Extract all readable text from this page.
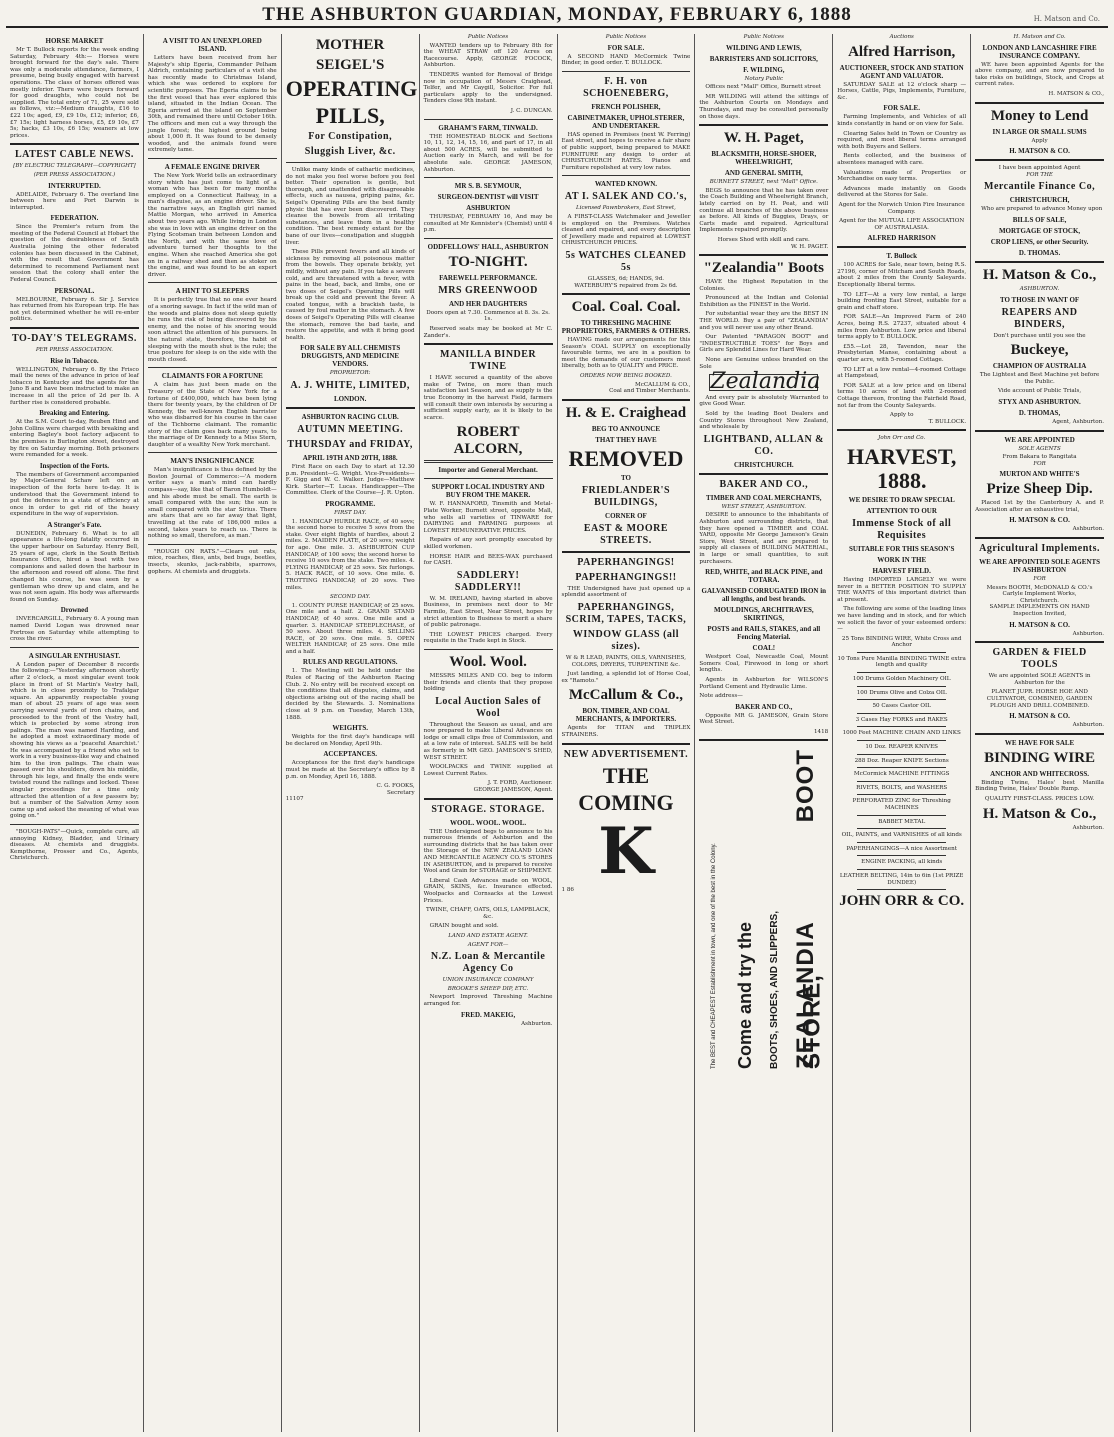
THE ASHBURTON GUARDIAN, MONDAY, FEBRUARY 6, 1888	H. Matson and Co.
HORSE MARKET

Mr T. Bullock reports for the week ending Saturday, February 4th:— Horses were brought forward for the day's sale. There was only a moderate attendance, farmers, I presume, being busily engaged with harvest operations. The class of horses offered was mostly inferior. There were buyers forward for good draughts, who could not be supplied. The total entry of 71, 25 were sold as follows, viz:—Medium draughts, £16 to £22 10s; aged, £9, £9 10s, £12; inferior, £6, £7 15s; light harness horses, £5, £9 10s, £7 5s; hacks, £3 10s, £6 15s; weaners at low prices.

LATEST CABLE NEWS.
[BY ELECTRIC TELEGRAPH—COPYRIGHT]
(PER PRESS ASSOCIATION.)
INTERRUPTED.

ADELAIDE, February 6. The overland line between here and Port Darwin is interrupted.

FEDERATION.

Since the Premier's return from the meeting of the Federal Council at Hobart the question of the desirableness of South Australia joining the other federated colonies has been discussed in the Cabinet, with the result that Government has determined to recommend Parliament next session that the colony shall enter the Federal Council.

PERSONAL.

MELBOURNE, February 6. Sir J. Service has returned from his European trip. He has not yet determined whether he will re-enter politics.

TO-DAY'S TELEGRAMS.
PER PRESS ASSOCIATION.
Rise in Tobacco.

WELLINGTON, February 6. By the Frisco mail the news of the advance in price of leaf tobacco in Kentucky and the agents for the Juno B and have been instructed to make an increase in all the price of 2d per lb. A further rise is considered probable.

Breaking and Entering.

At the S.M. Court to-day, Reuben Hind and John Collins were charged with breaking and entering Bagley's boot factory adjacent to the premises in Burlington street, destroyed by fire on Saturday morning. Both prisoners were remanded for a week.

Inspection of the Forts.

The members of Government accompanied by Major-General Schaw left on an inspection of the forts here to-day. It is understood that the Government intend to put the defences in a state of efficiency at once in order to get rid of the heavy expenditure in the way of supervision.

A Stranger's Fate.

DUNEDIN, February 6. What is to all appearance a life-long fatality occurred in the upper harbour on Saturday. Henry Bell, 25 years of age, clerk in the South British Insurance Office, hired a boat with two companions and sailed down the harbour in the afternoon and rowed off alone. The first changed his course, he was seen by a gentleman who drew up and claim, and he was not seen again. His body was afterwards found on Sunday.

Drowned

INVERCARGILL, February 6. A young man named David Logan was drowned near Fortrose on Saturday while attempting to cross the river.

A SINGULAR ENTHUSIAST.

A London paper of December 8 records the following:—"Yesterday afternoon shortly after 2 o'clock, a most singular event took place in front of St Martin's Vestry hall, which is in close proximity to Trafalgar square. An apparently respectable young man of about 25 years of age was seen carrying several yards of iron chains, and proceeded to the front of the Vestry hall, which is protected by some strong iron palings. The man was named Harding, and he adopted a most extraordinary mode of showing his views as a 'peaceful Anarchist.' He was accompanied by a friend who set to work in a very business-like way and chained him to the iron palings. The chain was passed over his shoulders, down his middle, through his legs, and finally the ends were twisted round the railings and locked. These singular proceedings for a time only attracted the attention of a few passers by; but a number of the Salvation Army soon came up and asked the meaning of what was going on."

"BOUGH-PATS"—Quick, complete cure, all annoying Kidney, Bladder, and Urinary diseases. At chemists and druggists. Kempthorne, Prosser and Co., Agents, Christchurch.

A VISIT TO AN UNEXPLORED ISLAND.

Letters have been received from her Majesty's ship Egeria, Commander Pelham Aldrich, containing particulars of a visit she has recently made to Christmas Island, which she was ordered to explore for scientific purposes. The Egeria claims to be the first vessel that has ever explored this island, situated in the Indian Ocean. The Egeria arrived at the island on September 30th, and remained there until October 16th. The officers and men cut a way through the jungle forest; the highest ground being about 1,000 ft. It was found to be densely wooded, and the animals found were extremely tame.

A FEMALE ENGINE DRIVER

The New York World tells an extraordinary story which has just come to light of a woman who has been for many months employed on a Connecticut Railway, in a man's disguise, as an engine driver. She is, the narrative says, an English girl named Mattie Morgan, who arrived in America about two years ago. While living in London she was in love with an engine driver on the Flying Scotsman train between London and the North, and with the same love of adventure turned her thoughts to the engine. When she reached America she got on in a railway shed and then as stoker on the engine, and was found to be an expert driver.

A HINT TO SLEEPERS

It is perfectly true that no one ever heard of a snoring savage. In fact if the wild man of the woods and plains does not sleep quietly he runs the risk of being discovered by his enemy, and the noise of his snoring would soon attract the attention of his pursuers. In the natural state, therefore, the habit of sleeping with the mouth shut is the rule; the true posture for sleep is on the side with the mouth closed.

CLAIMANTS FOR A FORTUNE

A claim has just been made on the Treasury of the State of New York for a fortune of £400,000, which has been lying there for twenty years, by the children of Dr Kennedy, the well-known English barrister who was disbarred for his course in the case of the Tichborne claimant. The romantic story of the claim goes back many years, to the marriage of Dr Kennedy to a Miss Stern, daughter of a wealthy New York merchant.

MAN'S INSIGNIFICANCE

Man's insignificance is thus defined by the Boston Journal of Commerce:—'A modern writer says a man's mind can hardly compass—say, like that of Baron Humboldt—and his abode must be small. The earth is small compared with the sun; the sun is small compared with the star Sirius. There are stars that are so far away that light, travelling at the rate of 186,000 miles a second, takes years to reach us. There is nothing so small, therefore, as man.'

"ROUGH ON RATS."—Clears out rats, mice, roaches, flies, ants, bed bugs, beetles, insects, skunks, jack-rabbits, sparrows, gophers. At chemists and druggists.

MOTHER
SEIGEL'S
OPERATING
PILLS,
For Constipation,
Sluggish Liver, &c.

Unlike many kinds of cathartic medicines, do not make you feel worse before you feel better. Their operation is gentle, but thorough, and unattended with disagreeable effects, such as nausea, griping pains, &c. Seigel's Operating Pills are the best family physic that has ever been discovered. They cleanse the bowels from all irritating substances, and leave them in a healthy condition. The best remedy extant for the bane of our lives—constipation and sluggish liver.

These Pills prevent fevers and all kinds of sickness by removing all poisonous matter from the bowels. They operate briskly, yet mildly, without any pain. If you take a severe cold, and are threatened with a fever, with pains in the head, back, and limbs, one or two doses of Seigel's Operating Pills will break up the cold and prevent the fever. A coated tongue, with a brackish taste, is caused by foul matter in the stomach. A few doses of Seigel's Operating Pills will cleanse the stomach, remove the bad taste, and restore the appetite, and with it bring good health.

FOR SALE BY ALL CHEMISTS DRUGGISTS, AND MEDICINE VENDORS.
PROPRIETOR:
A. J. WHITE, LIMITED,
LONDON.
ASHBURTON RACING CLUB.
AUTUMN MEETING.
THURSDAY and FRIDAY,
APRIL 19TH AND 20TH, 1888.

First Race on each Day to start at 12.30 p.m. President—G. Wright. Vice-Presidents—F. Gigg and W. C. Walker. Judge—Matthew Kirk. Starter—T. Lucas. Handicapper—The Committee. Clerk of the Course—J. R. Upton.

PROGRAMME.
FIRST DAY.

1. HANDICAP HURDLE RACE, of 40 sovs; the second horse to receive 5 sovs from the stake. Over eight flights of hurdles, about 2 miles. 2. MAIDEN PLATE, of 20 sovs; weight for age. One mile. 3. ASHBURTON CUP HANDICAP, of 100 sovs; the second horse to receive 10 sovs from the stake. Two miles. 4. FLYING HANDICAP, of 25 sovs. Six furlongs. 5. HACK RACE, of 10 sovs. One mile. 6. TROTTING HANDICAP, of 20 sovs. Two miles.

SECOND DAY.

1. COUNTY PURSE HANDICAP, of 25 sovs. One mile and a half. 2. GRAND STAND HANDICAP, of 40 sovs. One mile and a quarter. 3. HANDICAP STEEPLECHASE, of 50 sovs. About three miles. 4. SELLING RACE, of 20 sovs. One mile. 5. OPEN WELTER HANDICAP, of 25 sovs. One mile and a half.

RULES AND REGULATIONS.

1. The Meeting will be held under the Rules of Racing of the Ashburton Racing Club. 2. No entry will be received except on the conditions that all disputes, claims, and objections arising out of the racing shall be decided by the Stewards. 3. Nominations close at 9 p.m. on Tuesday, March 13th, 1888.

WEIGHTS.

Weights for the first day's handicaps will be declared on Monday, April 9th.

ACCEPTANCES.

Acceptances for the first day's handicaps must be made at the Secretary's office by 8 p.m. on Monday, April 16, 1888.

C. G. FOOKS,
Secretary
11107
Public Notices

WANTED tenders up to February 8th for the WHEAT STRAW off 120 Acres on Racecourse. Apply, GEORGE FOCOCK, Ashburton.

TENDERS wanted for Removal of Bridge now in occupation of Messrs Craighead, Telfer, and Mr Caygill, Solicitor. For full particulars apply to the undersigned. Tenders close 9th instant.

J. C. DUNCAN.
GRAHAM'S FARM, TINWALD.

THE HOMESTEAD BLOCK and Sections 10, 11, 12, 14, 15, 16, and part of 17, in all about 500 ACRES, will be submitted to Auction early in March, and will be for absolute sale. GEORGE JAMESON, Ashburton.

MR S. B. SEYMOUR,
SURGEON-DENTIST will VISIT
ASHBURTON

THURSDAY, FEBRUARY 16, And may be consulted at Mr Kennister's (Chemist) until 4 p.m.

ODDFELLOWS' HALL, ASHBURTON
TO-NIGHT.
FAREWELL PERFORMANCE.
MRS GREENWOOD
AND HER DAUGHTERS

Doors open at 7.30. Commence at 8. 3s. 2s. 1s.

Reserved seats may be booked at Mr C. Zander's.

MANILLA BINDER TWINE

I HAVE secured a quantity of the above make of Twine, on more than much satisfaction last Season, and as supply is the true Economy in the harvest Field, farmers will consult their own interests by securing a sufficient supply early, as it is likely to be scarce.

ROBERT ALCORN,
Importer and General Merchant.
SUPPORT LOCAL INDUSTRY AND BUY FROM THE MAKER.

W. F. HANNAFORD, Tinsmith and Metal-Plate Worker, Burnett street, opposite Mall, who sells all varieties of TINWARE for DAIRYING and FARMING purposes at LOWEST REMUNERATIVE PRICES.

Repairs of any sort promptly executed by skilled workmen.

HORSE HAIR and BEES-WAX purchased for CASH.

SADDLERY! SADDLERY!!

W. M. IRELAND, having started in above Business, in premises next door to Mr Farmilo, East Street, Near Street, hopes by strict attention to Business to merit a share of public patronage.

THE LOWEST PRICES charged. Every requisite in the Trade kept in Stock.

Wool. Wool.

MESSRS MILES AND CO. beg to inform their friends and clients that they propose holding

Local Auction Sales of Wool

Throughout the Season as usual, and are now prepared to make Liberal Advances on lodge or small clips free of Commission, and at a low rate of interest. SALES will be held as formerly in MR GEO. JAMESON'S SHED, WEST STREET.

WOOLPACKS and TWINE supplied at Lowest Current Rates.

J. T. FORD, Auctioneer.
GEORGE JAMESON, Agent.
STORAGE. STORAGE.
WOOL. WOOL. WOOL.

THE Undersigned begs to announce to his numerous friends of Ashburton and the surrounding districts that he has taken over the Storage of the NEW ZEALAND LOAN AND MERCANTILE AGENCY CO.'S STORES IN ASHBURTON, and is prepared to receive Wool and Grain for STORAGE or SHIPMENT.

Liberal Cash Advances made on WOOL, GRAIN, SKINS, &c. Insurance effected. Woolpacks and Cornsacks at the Lowest Prices.

TWINE, CHAFF, OATS, OILS, LAMPBLACK, &c.

GRAIN bought and sold.

LAND AND ESTATE AGENT.
AGENT FOR—
N.Z. Loan & Mercantile Agency Co
UNION INSURANCE COMPANY
BROOKE'S SHEEP DIP, ETC.

Newport Improved Threshing Machine arranged for.

FRED. MAKEIG,
Ashburton.
Public Notices
FOR SALE.

A SECOND HAND McCormick Twine Binder, in good order. T. BULLOCK.

F. H. von SCHOENEBERG,
FRENCH POLISHER,
CABINETMAKER, UPHOLSTERER, AND UNDERTAKER.

HAS opened in Premises (next W. Ferring) East street, and hopes to receive a fair share of public support, being prepared to MAKE FURNITURE any design to order at CHRISTCHURCH RATES. Pianos and Furniture repolished at very low rates.

WANTED KNOWN.
AT I. SALEK AND CO.'s,
Licensed Pawnbrokers, East Street,

A FIRST-CLASS Watchmaker and Jeweller is employed on the Premises. Watches cleaned and repaired, and every description of Jewellery made and repaired at LOWEST CHRISTCHURCH PRICES.

5s WATCHES CLEANED 5s
GLASSES, 6d; HANDS, 9d.
WATERBURY'S repaired from 2s 6d.
Coal. Coal. Coal.
TO THRESHING MACHINE PROPRIETORS, FARMERS & OTHERS.

HAVING made our arrangements for this Season's COAL SUPPLY on exceptionally favourable terms, we are in a position to meet the demands of our customers most liberally, both as to QUALITY and PRICE.

ORDERS NOW BEING BOOKED.
McCALLUM & CO.,
Coal and Timber Merchants.
H. & E. Craighead
BEG TO ANNOUNCE
THAT THEY HAVE
REMOVED
TO
FRIEDLANDER'S BUILDINGS,
CORNER OF
EAST & MOORE STREETS.
PAPERHANGINGS!
PAPERHANGINGS!!

THE Undersigned have just opened up a splendid assortment of

PAPERHANGINGS, SCRIM, TAPES, TACKS,
WINDOW GLASS (all sizes).

W & R LEAD, PAINTS, OILS, VARNISHES, COLORS, DRYERS, TURPENTINE &c.

Just landing, a splendid lot of Horse Coal, ex "Ramoto."

McCallum & Co.,
BON. TIMBER, AND COAL MERCHANTS, & IMPORTERS.

Agents for TITAN and TRIPLEX STRAINERS.

NEW ADVERTISEMENT.
THE
COMING
K
1 86
Public Notices
WILDING AND LEWIS,
BARRISTERS AND SOLICITORS,
F. WILDING,
Notary Public

Offices next "Mall" Office, Burnett street

MR WILDING will attend the sittings of the Ashburton Courts on Mondays and Thursdays, and may be consulted personally on those days.

W. H. Paget,
BLACKSMITH, HORSE-SHOER, WHEELWRIGHT,
AND GENERAL SMITH,
BURNETT STREET, next "Mall" Office.

BEGS to announce that he has taken over the Coach Building and Wheelwright Branch, lately carried on by H. Peat, and will continue all branches of the above business as before. All kinds of Buggies, Drays, or Carts made and repaired. Agricultural Implements repaired promptly.

Horses Shod with skill and care.
W. H. PAGET.
"Zealandia" Boots

HAVE the Highest Reputation in the Colonies.

Pronounced at the Indian and Colonial Exhibition as the FINEST in the World.

For substantial wear they are the BEST IN THE WORLD. Buy a pair of "ZEALANDIA" and you will never use any other Brand.

Our Patented "PARAGON BOOT" and "INDESTRUCTIBLE TOES" for Boys and Girls are Splendid Lines for Hard Wear.

None are Genuine unless branded on the Sole

Zealandia

And every pair is absolutely Warranted to give Good Wear.

Sold by the leading Boot Dealers and Country Stores throughout New Zealand, and wholesale by

LIGHTBAND, ALLAN & CO.
CHRISTCHURCH.
BAKER AND CO.,
TIMBER AND COAL MERCHANTS,
WEST STREET, ASHBURTON.

DESIRE to announce to the inhabitants of Ashburton and surrounding districts, that they have opened a TIMBER and COAL YARD, opposite Mr George Jameson's Grain Store, West Street, and are prepared to supply all classes of BUILDING MATERIAL, in large or small quantities, to suit purchasers.

RED, WHITE, and BLACK PINE, and TOTARA.
GALVANISED CORRUGATED IRON in all lengths, and best brands.
MOULDINGS, ARCHITRAVES, SKIRTINGS,
POSTS and RAILS, STAKES, and all Fencing Material.
COAL!

Westport Coal, Newcastle Coal, Mount Somers Coal, Firewood in long or short lengths.

Agents in Ashburton for WILSON'S Portland Cement and Hydraulic Lime.

Note address—
BAKER AND CO.,

Opposite MR G. JAMESON, Grain Store West Street.

1418
The BEST and CHEAPEST Establishment in town, and one of the best in the Colony. Come and try the BOOTS, SHOES, AND SLIPPERS, ZEALANDIA BOOT STORE,
Auctions
Alfred Harrison,
AUCTIONEER, STOCK AND STATION AGENT AND VALUATOR.

SATURDAY SALE at 12 o'clock sharp —Horses, Cattle, Pigs, Implements, Furniture, &c.

FOR SALE.

Farming Implements, and Vehicles of all kinds constantly in hand or on view for Sale.

Clearing Sales held in Town or Country as required, and most liberal terms arranged with both Buyers and Sellers.

Rents collected, and the business of absentees managed with care.

Valuations made of Properties or Merchandise on easy terms.

Advances made instantly on Goods delivered at the Stores for Sale.

Agent for the Norwich Union Fire Insurance Company.

Agent for the MUTUAL LIFE ASSOCIATION OF AUSTRALASIA.

ALFRED HARRISON
T. Bullock

100 ACRES for Sale, near town, being R.S. 27196, corner of Mitcham and South Roads, about 2 miles from the County Saleyards. Exceptionally liberal terms.

TO LET—At a very low rental, a large building fronting East Street, suitable for a grain and chaff store.

FOR SALE—An Improved Farm of 240 Acres, being R.S. 27237, situated about 4 miles from Ashburton. Low price and liberal terms apply to T. BULLOCK.

£55.—Lot 28, Tavendon, near the Presbyterian Manse, containing about a quarter acre, with 5-roomed Cottage.

TO LET at a low rental—4-roomed Cottage at Hampstead,

FOR SALE at a low price and on liberal terms 10 acres of land with 2-roomed Cottage thereon, fronting the Fairfield Road, not far from the County Saleyards.

Apply to
T. BULLOCK.
John Orr and Co.
HARVEST, 1888.
WE DESIRE TO DRAW SPECIAL
ATTENTION TO OUR
Immense Stock of all Requisites
SUITABLE FOR THIS SEASON'S
WORK IN THE
HARVEST FIELD.

Having IMPORTED LARGELY we were never in a BETTER POSITION TO SUPPLY THE WANTS of this important district than at present.

The following are some of the leading lines we have landing and in stock, and for which we solicit the favor of your esteemed orders:—

25 Tons BINDING WIRE, White Cross and Anchor
10 Tons Pure Manilla BINDING TWINE extra length and quality
100 Drums Golden Machinery OIL
100 Drums Olive and Colza OIL
50 Cases Castor OIL
3 Cases Hay FORKS and RAKES
1000 Feet MACHINE CHAIN AND LINKS
10 Doz. REAPER KNIVES
288 Doz. Reaper KNIFE Sections
McCormick MACHINE FITTINGS
RIVETS, BOLTS, and WASHERS
PERFORATED ZINC for Threshing MACHINES
BABBET METAL
OIL, PAINTS, and VARNISHES of all kinds
PAPERHANGINGS—A nice Assortment
ENGINE PACKING, all kinds
LEATHER BELTING, 14in to 6in (1st PRIZE DUNDEE)
JOHN ORR & CO.
H. Matson and Co.
LONDON AND LANCASHIRE FIRE INSURANCE COMPANY.

WE have been appointed Agents for the above company, and are now prepared to take risks on buildings, Stock, and Crops at current rates.

H. MATSON & CO.,
Money to Lend
IN LARGE OR SMALL SUMS
Apply
H. MATSON & CO.
I have been appointed Agent
FOR THE
Mercantile Finance Co,
CHRISTCHURCH,

Who are prepared to advance Money upon

BILLS OF SALE,
MORTGAGE OF STOCK,
CROP LIENS, or other Security.
D. THOMAS.
H. Matson & Co.,
ASHBURTON.
TO THOSE IN WANT OF
REAPERS AND BINDERS,
Don't purchase until you see the
Buckeye,
CHAMPION OF AUSTRALIA

The Lightest and Best Machine yet before the Public.

Vide account of Public Trials,
STYX AND ASHBURTON.
D. THOMAS,
Agent, Ashburton.
WE ARE APPOINTED
SOLE AGENTS
From Bakara to Rangitata
FOR
MURTON AND WHITE'S
Prize Sheep Dip.

Placed 1st by the Canterbury A. and P. Association after an exhaustive trial,

H. MATSON & CO.
Ashburton.
Agricultural Implements.
WE ARE APPOINTED SOLE AGENTS IN ASHBURTON
FOR
Messrs BOOTH, McDONALD & CO.'s
Carlyle Implement Works,
Christchurch.
SAMPLE IMPLEMENTS ON HAND
Inspection Invited,
H. MATSON & CO.
Ashburton.
GARDEN & FIELD TOOLS

We are appointed SOLE AGENTS in Ashburton for the

PLANET JUPR. HORSE HOE AND CULTIVATOR, COMBINED, GARDEN PLOUGH AND DRILL COMBINED.

H. MATSON & CO.
Ashburton.
WE HAVE FOR SALE
BINDING WIRE
ANCHOR AND WHITECROSS.

Binding Twine, Hales' best Manilla Binding Twine, Hales' Double Rump.

QUALITY FIRST-CLASS. PRICES LOW.
H. Matson & Co.,
Ashburton.
